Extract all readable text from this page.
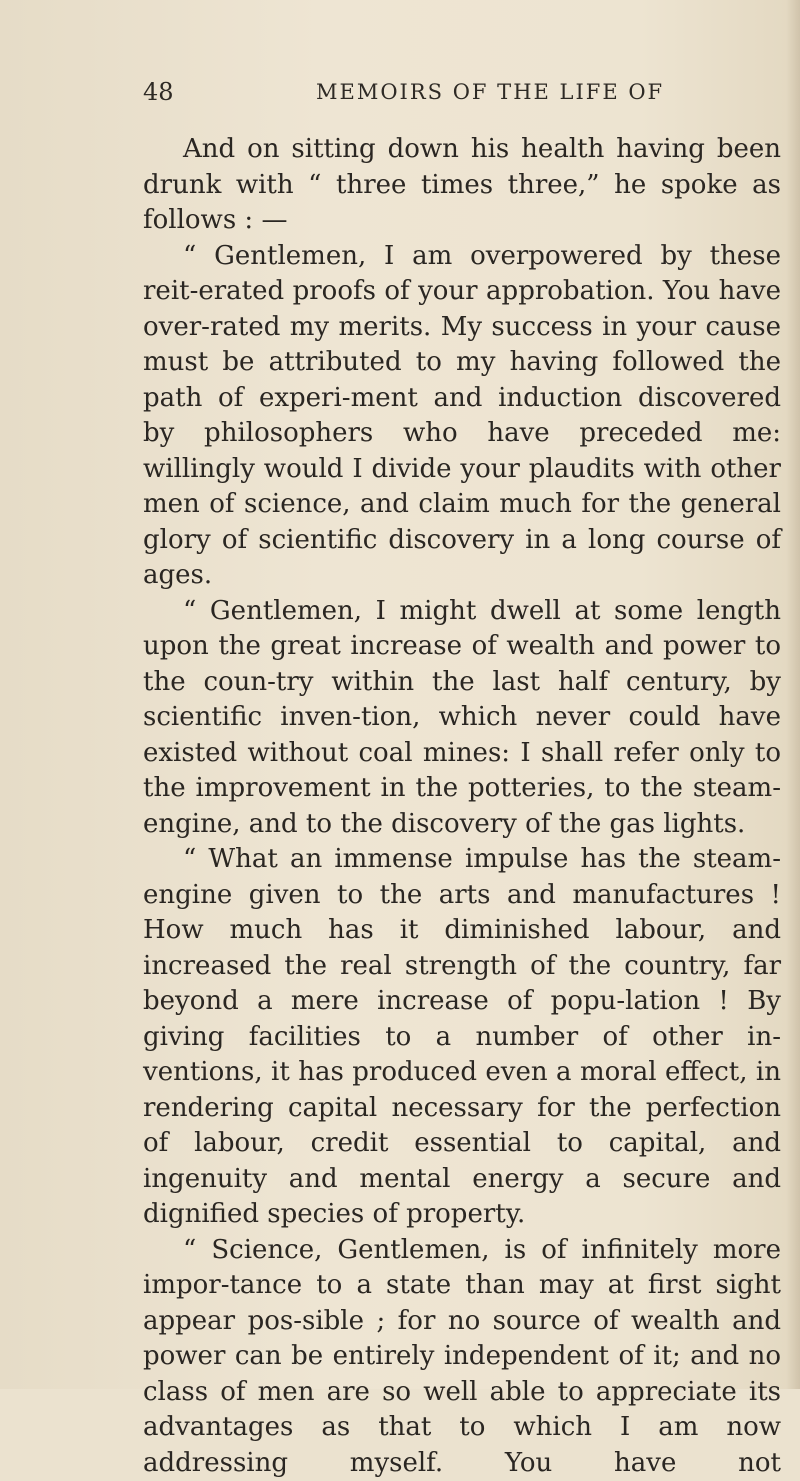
48	MEMOIRS OF THE LIFE OF

And on sitting down his health having been drunk with “ three times three,” he spoke as follows : —

“ Gentlemen, I am overpowered by these reit-erated proofs of your approbation. You have over-rated my merits. My success in your cause must be attributed to my having followed the path of experi-ment and induction discovered by philosophers who have preceded me: willingly would I divide your plaudits with other men of science, and claim much for the general glory of scientific discovery in a long course of ages.

“ Gentlemen, I might dwell at some length upon the great increase of wealth and power to the coun-try within the last half century, by scientific inven-tion, which never could have existed without coal mines: I shall refer only to the improvement in the potteries, to the steam-engine, and to the discovery of the gas lights.

“ What an immense impulse has the steam-engine given to the arts and manufactures ! How much has it diminished labour, and increased the real strength of the country, far beyond a mere increase of popu-lation ! By giving facilities to a number of other in-ventions, it has produced even a moral effect, in rendering capital necessary for the perfection of labour, credit essential to capital, and ingenuity and mental energy a secure and dignified species of property.

“ Science, Gentlemen, is of infinitely more impor-tance to a state than may at first sight appear pos-sible ; for no source of wealth and power can be entirely independent of it; and no class of men are so well able to appreciate its advantages as that to which I am now addressing myself. You have not
